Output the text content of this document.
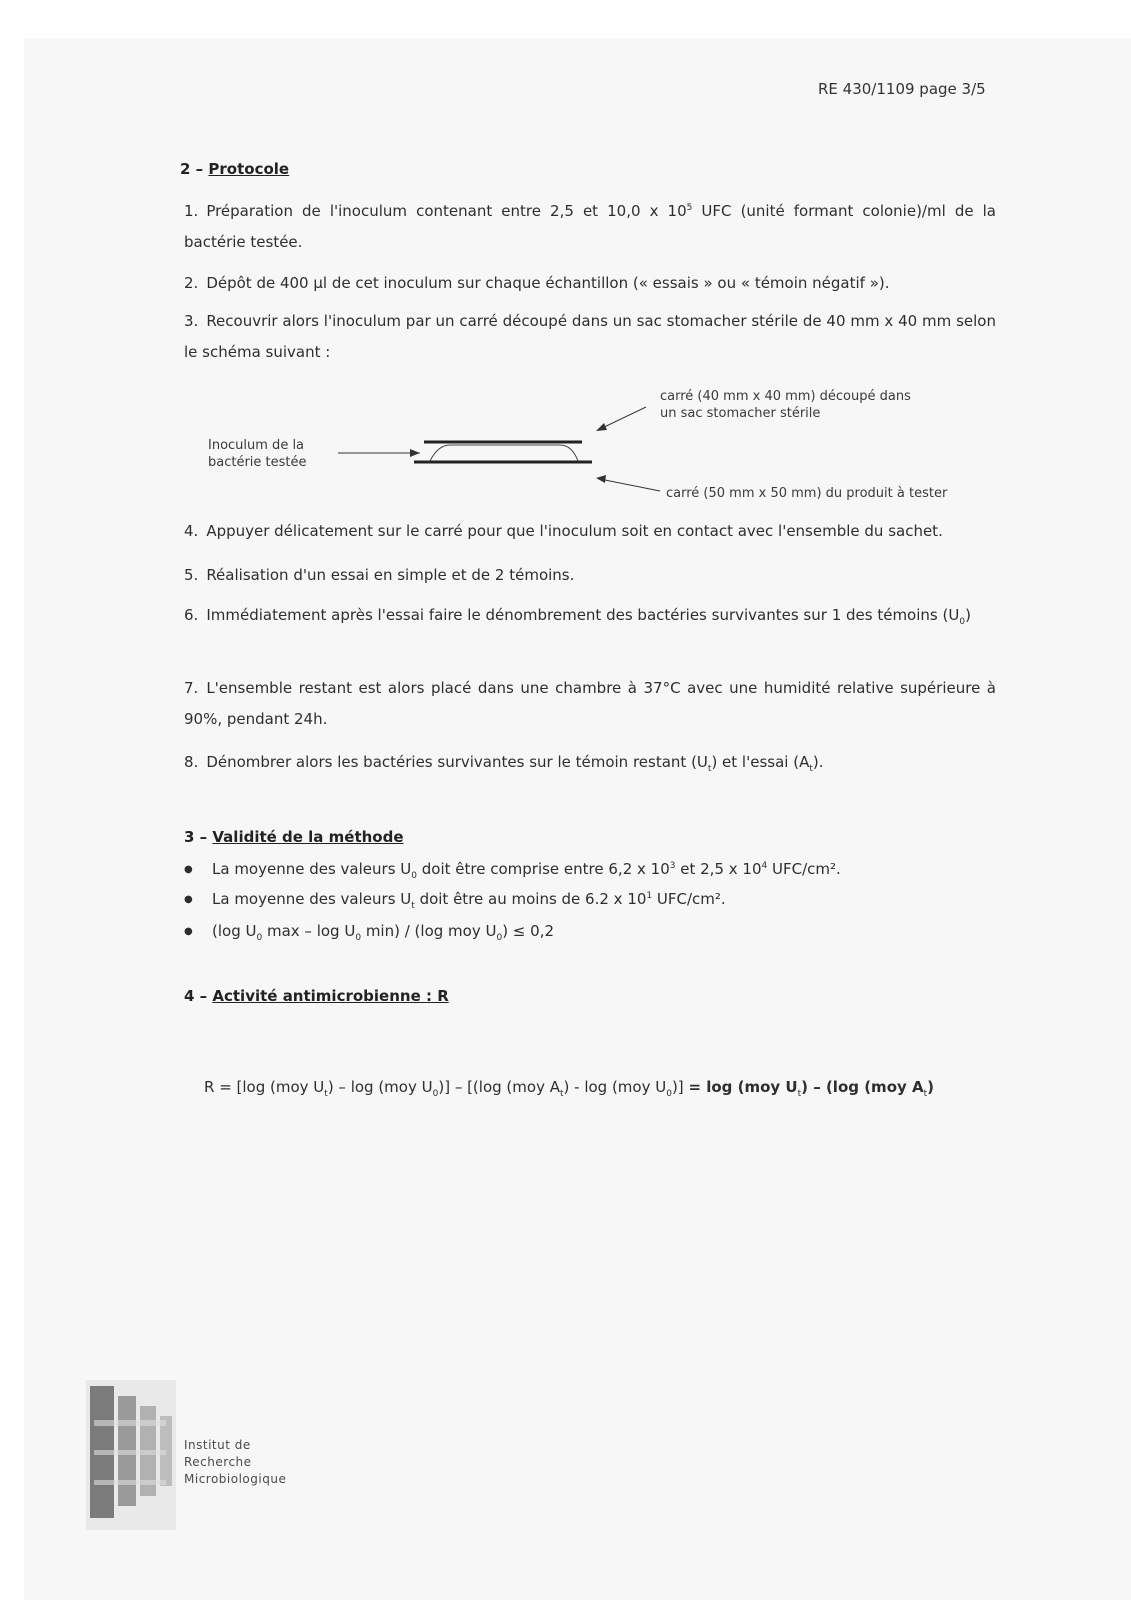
RE 430/1109 page 3/5
2 – Protocole
1. Préparation de l'inoculum contenant entre 2,5 et 10,0 x $10^5$ UFC (unité formant colonie)/ml de la bactérie testée.
2. Dépôt de 400 µl de cet inoculum sur chaque échantillon (« essais » ou « témoin négatif »).
3. Recouvrir alors l'inoculum par un carré découpé dans un sac stomacher stérile de 40 mm x 40 mm selon le schéma suivant :
carré (40 mm x 40 mm) découpé dans
un sac stomacher stérile
Inoculum de la
bactérie testée
carré (50 mm x 50 mm) du produit à tester
4. Appuyer délicatement sur le carré pour que l'inoculum soit en contact avec l'ensemble du sachet.
5. Réalisation d'un essai en simple et de 2 témoins.
6. Immédiatement après l'essai faire le dénombrement des bactéries survivantes sur 1 des témoins $(U_0)$
7. L'ensemble restant est alors placé dans une chambre à 37°C avec une humidité relative supérieure à 90%, pendant 24h.
8. Dénombrer alors les bactéries survivantes sur le témoin restant $(U_t)$ et l'essai $(A_t)$.
3 – Validité de la méthode
● La moyenne des valeurs $U_0$ doit être comprise entre 6,2 x $10^3$ et 2,5 x $10^4$ UFC/cm².
● La moyenne des valeurs $U_t$ doit être au moins de 6.2 x $10^1$ UFC/cm².
● (log $U_0$ max – $\log U_0$ min) / (log moy $U_0) \le 0,2$
4 – Activité antimicrobienne : R
R = [log (moy $U_t$) – log (moy $U_0)] - [(\log$ (moy $A_t$) - log (moy $U_0)] = \log (moy$ $U_t) - (\log$ (moy $A_t$)
Institut de
Recherche
Microbiologique
